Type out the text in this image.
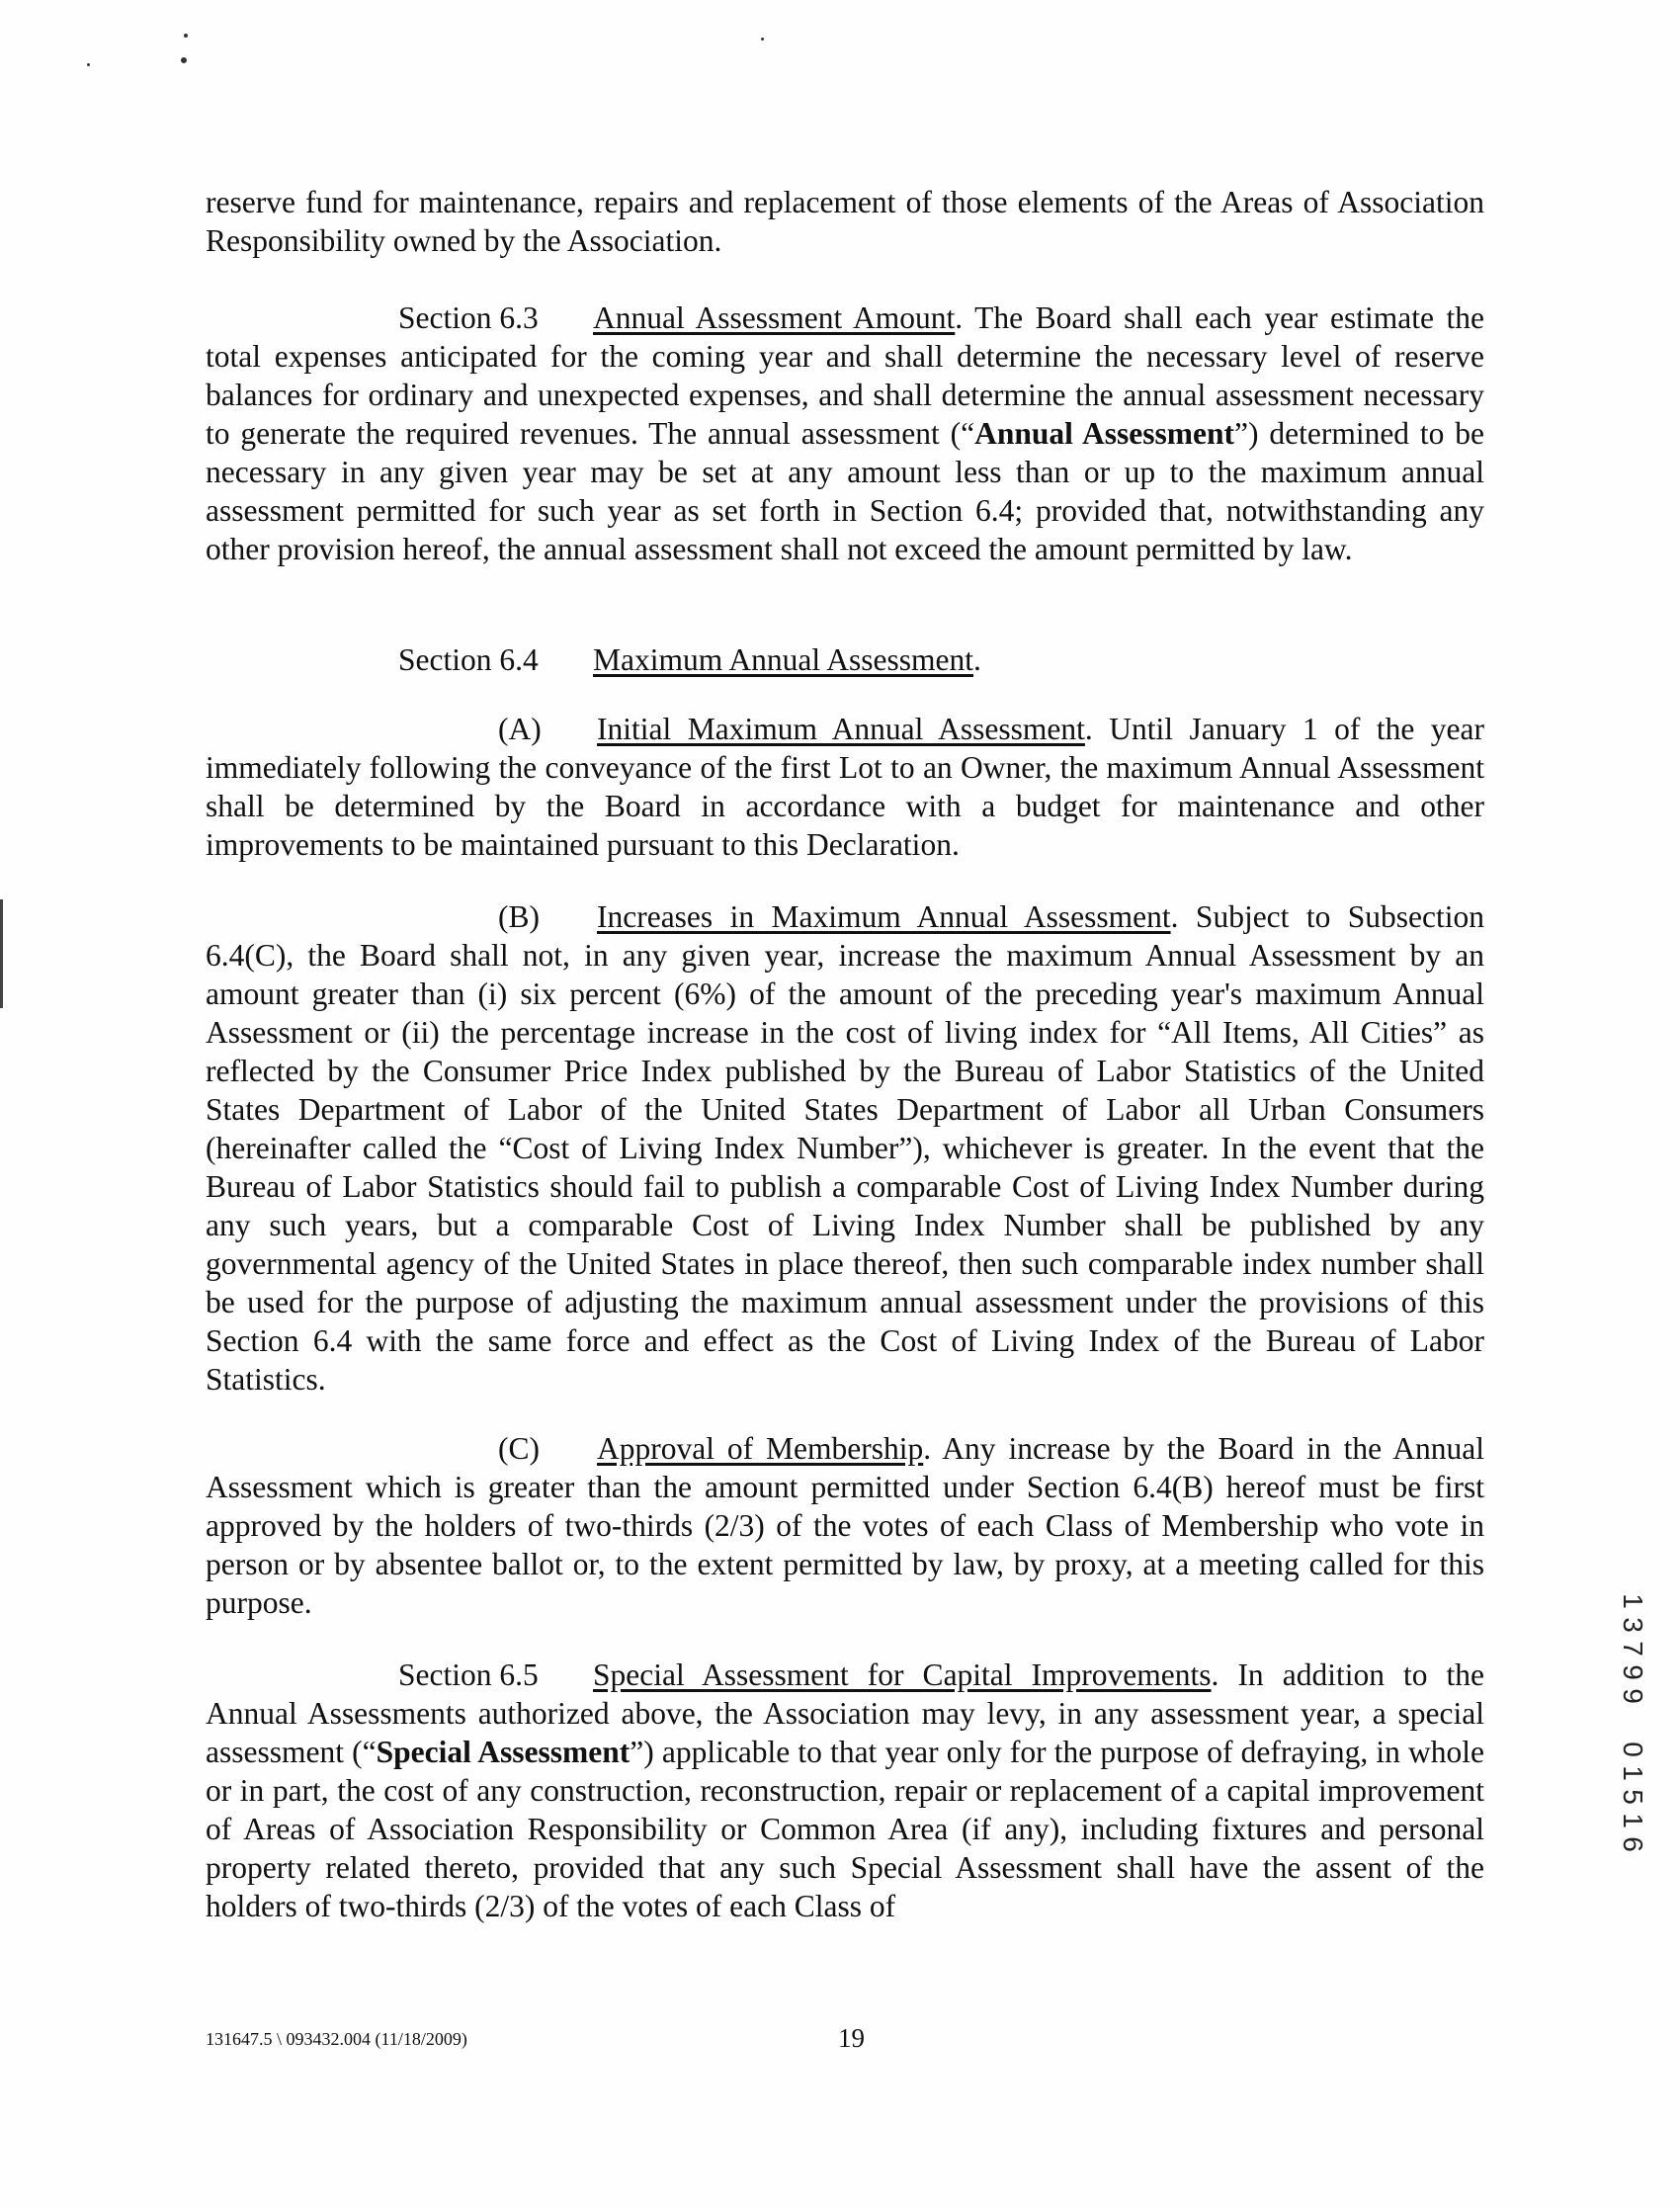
reserve fund for maintenance, repairs and replacement of those elements of the Areas of Association Responsibility owned by the Association.

Section 6.3 Annual Assessment Amount. The Board shall each year estimate the total expenses anticipated for the coming year and shall determine the necessary level of reserve balances for ordinary and unexpected expenses, and shall determine the annual assessment necessary to generate the required revenues. The annual assessment (“Annual Assessment”) determined to be necessary in any given year may be set at any amount less than or up to the maximum annual assessment permitted for such year as set forth in Section 6.4; provided that, notwithstanding any other provision hereof, the annual assessment shall not exceed the amount permitted by law.

Section 6.4 Maximum Annual Assessment.

(A) Initial Maximum Annual Assessment. Until January 1 of the year immediately following the conveyance of the first Lot to an Owner, the maximum Annual Assessment shall be determined by the Board in accordance with a budget for maintenance and other improvements to be maintained pursuant to this Declaration.

(B) Increases in Maximum Annual Assessment. Subject to Subsection 6.4(C), the Board shall not, in any given year, increase the maximum Annual Assessment by an amount greater than (i) six percent (6%) of the amount of the preceding year's maximum Annual Assessment or (ii) the percentage increase in the cost of living index for “All Items, All Cities” as reflected by the Consumer Price Index published by the Bureau of Labor Statistics of the United States Department of Labor of the United States Department of Labor all Urban Consumers (hereinafter called the “Cost of Living Index Number”), whichever is greater. In the event that the Bureau of Labor Statistics should fail to publish a comparable Cost of Living Index Number during any such years, but a comparable Cost of Living Index Number shall be published by any governmental agency of the United States in place thereof, then such comparable index number shall be used for the purpose of adjusting the maximum annual assessment under the provisions of this Section 6.4 with the same force and effect as the Cost of Living Index of the Bureau of Labor Statistics.

(C) Approval of Membership. Any increase by the Board in the Annual Assessment which is greater than the amount permitted under Section 6.4(B) hereof must be first approved by the holders of two-thirds (2/3) of the votes of each Class of Membership who vote in person or by absentee ballot or, to the extent permitted by law, by proxy, at a meeting called for this purpose.

Section 6.5 Special Assessment for Capital Improvements. In addition to the Annual Assessments authorized above, the Association may levy, in any assessment year, a special assessment (“Special Assessment”) applicable to that year only for the purpose of defraying, in whole or in part, the cost of any construction, reconstruction, repair or replacement of a capital improvement of Areas of Association Responsibility or Common Area (if any), including fixtures and personal property related thereto, provided that any such Special Assessment shall have the assent of the holders of two-thirds (2/3) of the votes of each Class of

131647.5 \ 093432.004 (11/18/2009)	19
1
3
7
9
9
0
1
5
1
6
